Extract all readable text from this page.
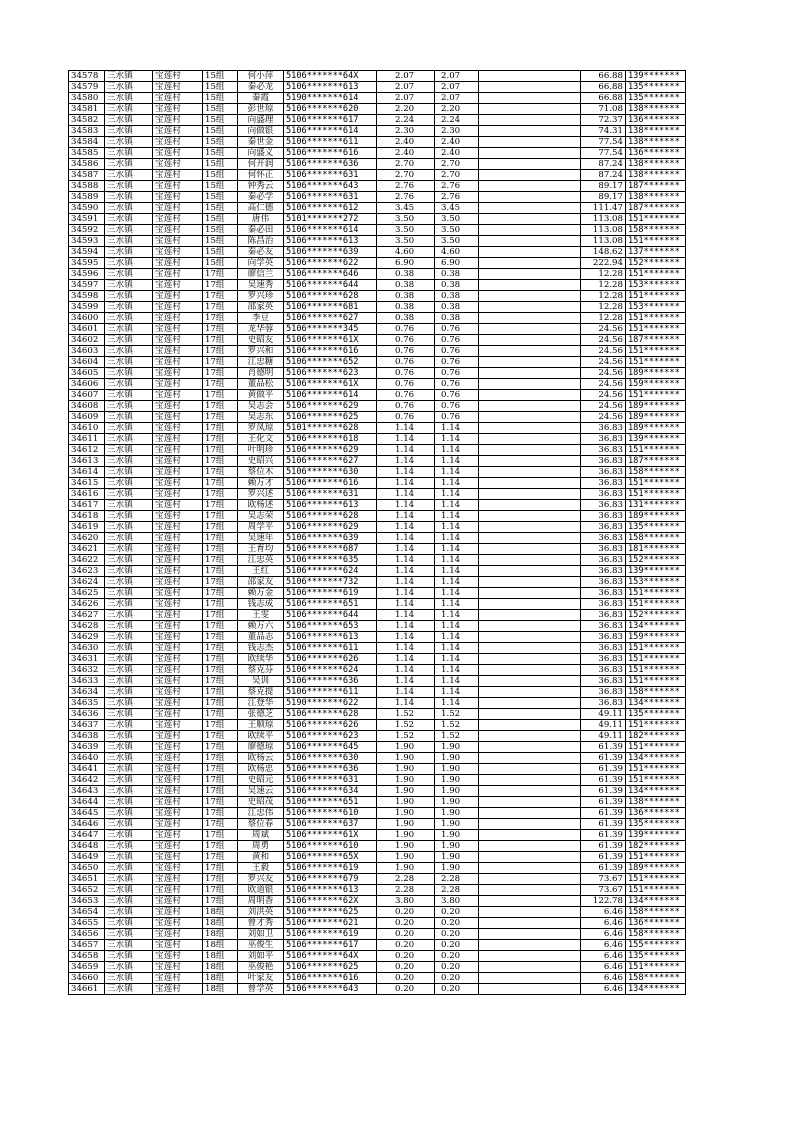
34578	三水镇	宝莲村	15组	何小萍	5106*******64X	2.07	2.07		66.88	139*******
34579	三水镇	宝莲村	15组	秦必龙	5106*******613	2.07	2.07		66.88	135*******
34580	三水镇	宝莲村	15组	秦霞	5190*******614	2.07	2.07		66.88	135*******
34581	三水镇	宝莲村	15组	彭世琼	5106*******620	2.20	2.20		71.08	138*******
34582	三水镇	宝莲村	15组	向盛理	5106*******617	2.24	2.24		72.37	136*******
34583	三水镇	宝莲村	15组	向做银	5106*******614	2.30	2.30		74.31	138*******
34584	三水镇	宝莲村	15组	秦世金	5106*******611	2.40	2.40		77.54	138*******
34585	三水镇	宝莲村	15组	向盛义	5106*******616	2.40	2.40		77.54	136*******
34586	三水镇	宝莲村	15组	何开润	5106*******636	2.70	2.70		87.24	138*******
34587	三水镇	宝莲村	15组	何怀正	5106*******631	2.70	2.70		87.24	138*******
34588	三水镇	宝莲村	15组	钟秀云	5106*******643	2.76	2.76		89.17	187*******
34589	三水镇	宝莲村	15组	秦必学	5106*******631	2.76	2.76		89.17	138*******
34590	三水镇	宝莲村	15组	高仁德	5106*******612	3.45	3.45		111.47	187*******
34591	三水镇	宝莲村	15组	唐伟	5101*******272	3.50	3.50		113.08	151*******
34592	三水镇	宝莲村	15组	秦必田	5106*******614	3.50	3.50		113.08	158*******
34593	三水镇	宝莲村	15组	陈昌治	5106*******613	3.50	3.50		113.08	151*******
34594	三水镇	宝莲村	15组	秦必友	5106*******639	4.60	4.60		148.62	137*******
34595	三水镇	宝莲村	15组	向学英	5106*******622	6.90	6.90		222.94	152*******
34596	三水镇	宝莲村	17组	廖信兰	5106*******646	0.38	0.38		12.28	151*******
34597	三水镇	宝莲村	17组	吴速秀	5106*******644	0.38	0.38		12.28	153*******
34598	三水镇	宝莲村	17组	罗兴珍	5106*******628	0.38	0.38		12.28	151*******
34599	三水镇	宝莲村	17组	邵家英	5106*******681	0.38	0.38		12.28	153*******
34600	三水镇	宝莲村	17组	李豆	5106*******627	0.38	0.38		12.28	151*******
34601	三水镇	宝莲村	17组	龙华蓉	5106*******345	0.76	0.76		24.56	151*******
34602	三水镇	宝莲村	17组	史昭友	5106*******61X	0.76	0.76		24.56	187*******
34603	三水镇	宝莲村	17组	罗兴和	5106*******616	0.76	0.76		24.56	151*******
34604	三水镇	宝莲村	17组	江忠糖	5106*******652	0.76	0.76		24.56	151*******
34605	三水镇	宝莲村	17组	肖德明	5106*******623	0.76	0.76		24.56	189*******
34606	三水镇	宝莲村	17组	董品松	5106*******61X	0.76	0.76		24.56	159*******
34607	三水镇	宝莲村	17组	黄做平	5106*******614	0.76	0.76		24.56	151*******
34608	三水镇	宝莲村	17组	吴志会	5106*******629	0.76	0.76		24.56	189*******
34609	三水镇	宝莲村	17组	吴志东	5106*******625	0.76	0.76		24.56	189*******
34610	三水镇	宝莲村	17组	罗凤琼	5101*******628	1.14	1.14		36.83	189*******
34611	三水镇	宝莲村	17组	王化文	5106*******618	1.14	1.14		36.83	139*******
34612	三水镇	宝莲村	17组	叶明珍	5106*******629	1.14	1.14		36.83	151*******
34613	三水镇	宝莲村	17组	史昭兴	5106*******627	1.14	1.14		36.83	187*******
34614	三水镇	宝莲村	17组	蔡位木	5106*******630	1.14	1.14		36.83	158*******
34615	三水镇	宝莲村	17组	赖万才	5106*******616	1.14	1.14		36.83	151*******
34616	三水镇	宝莲村	17组	罗兴述	5106*******631	1.14	1.14		36.83	151*******
34617	三水镇	宝莲村	17组	欧杨述	5106*******613	1.14	1.14		36.83	131*******
34618	三水镇	宝莲村	17组	吴志荣	5106*******628	1.14	1.14		36.83	189*******
34619	三水镇	宝莲村	17组	周学平	5106*******629	1.14	1.14		36.83	135*******
34620	三水镇	宝莲村	17组	吴速年	5106*******639	1.14	1.14		36.83	158*******
34621	三水镇	宝莲村	17组	王育均	5106*******687	1.14	1.14		36.83	181*******
34622	三水镇	宝莲村	17组	江忠英	5106*******635	1.14	1.14		36.83	152*******
34623	三水镇	宝莲村	17组	王红	5106*******624	1.14	1.14		36.83	139*******
34624	三水镇	宝莲村	17组	邵家友	5106*******732	1.14	1.14		36.83	153*******
34625	三水镇	宝莲村	17组	赖万金	5106*******619	1.14	1.14		36.83	151*******
34626	三水镇	宝莲村	17组	钱志成	5106*******651	1.14	1.14		36.83	151*******
34627	三水镇	宝莲村	17组	王雯	5106*******644	1.14	1.14		36.83	152*******
34628	三水镇	宝莲村	17组	赖万六	5106*******653	1.14	1.14		36.83	134*******
34629	三水镇	宝莲村	17组	董品志	5106*******613	1.14	1.14		36.83	159*******
34630	三水镇	宝莲村	17组	钱志杰	5106*******611	1.14	1.14		36.83	151*******
34631	三水镇	宝莲村	17组	欧续华	5106*******626	1.14	1.14		36.83	151*******
34632	三水镇	宝莲村	17组	蔡克芬	5106*******624	1.14	1.14		36.83	151*******
34633	三水镇	宝莲村	17组	吴训	5106*******636	1.14	1.14		36.83	151*******
34634	三水镇	宝莲村	17组	蔡克提	5106*******611	1.14	1.14		36.83	158*******
34635	三水镇	宝莲村	17组	江登华	5190*******622	1.14	1.14		36.83	134*******
34636	三水镇	宝莲村	17组	张德芝	5106*******628	1.52	1.52		49.11	135*******
34637	三水镇	宝莲村	17组	王顺琼	5106*******626	1.52	1.52		49.11	151*******
34638	三水镇	宝莲村	17组	欧续平	5106*******623	1.52	1.52		49.11	182*******
34639	三水镇	宝莲村	17组	廖德琼	5106*******645	1.90	1.90		61.39	151*******
34640	三水镇	宝莲村	17组	欧杨云	5106*******630	1.90	1.90		61.39	134*******
34641	三水镇	宝莲村	17组	欧杨忠	5106*******636	1.90	1.90		61.39	151*******
34642	三水镇	宝莲村	17组	史昭元	5106*******631	1.90	1.90		61.39	151*******
34643	三水镇	宝莲村	17组	吴速云	5106*******634	1.90	1.90		61.39	134*******
34644	三水镇	宝莲村	17组	史昭茂	5106*******651	1.90	1.90		61.39	138*******
34645	三水镇	宝莲村	17组	江忠伟	5106*******610	1.90	1.90		61.39	136*******
34646	三水镇	宝莲村	17组	蔡位春	5106*******637	1.90	1.90		61.39	135*******
34647	三水镇	宝莲村	17组	周斌	5106*******61X	1.90	1.90		61.39	139*******
34648	三水镇	宝莲村	17组	周勇	5106*******610	1.90	1.90		61.39	182*******
34649	三水镇	宝莲村	17组	黄和	5106*******65X	1.90	1.90		61.39	151*******
34650	三水镇	宝莲村	17组	王毅	5106*******619	1.90	1.90		61.39	189*******
34651	三水镇	宝莲村	17组	罗兴友	5106*******679	2.28	2.28		73.67	151*******
34652	三水镇	宝莲村	17组	欧道银	5106*******613	2.28	2.28		73.67	151*******
34653	三水镇	宝莲村	17组	周明香	5106*******62X	3.80	3.80		122.78	134*******
34654	三水镇	宝莲村	18组	刘洪英	5106*******625	0.20	0.20		6.46	158*******
34655	三水镇	宝莲村	18组	曾才秀	5106*******621	0.20	0.20		6.46	136*******
34656	三水镇	宝莲村	18组	刘如卫	5106*******619	0.20	0.20		6.46	158*******
34657	三水镇	宝莲村	18组	巫俊生	5106*******617	0.20	0.20		6.46	155*******
34658	三水镇	宝莲村	18组	刘如平	5106*******64X	0.20	0.20		6.46	135*******
34659	三水镇	宝莲村	18组	巫俊艳	5106*******625	0.20	0.20		6.46	151*******
34660	三水镇	宝莲村	18组	叶家友	5106*******616	0.20	0.20		6.46	158*******
34661	三水镇	宝莲村	18组	曾学英	5106*******643	0.20	0.20		6.46	134*******
